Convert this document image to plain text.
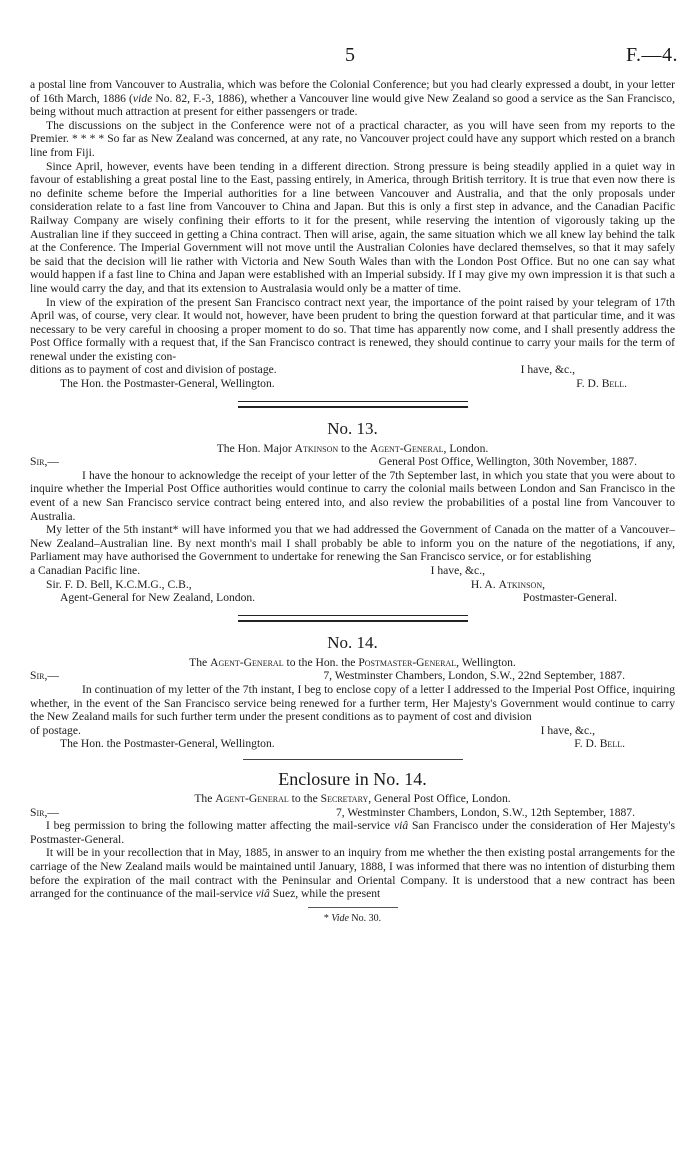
5	F.—4.

a postal line from Vancouver to Australia, which was before the Colonial Conference; but you had clearly expressed a doubt, in your letter of 16th March, 1886 (vide No. 82, F.-3, 1886), whether a Vancouver line would give New Zealand so good a service as the San Francisco, being without much attraction at present for either passengers or trade.

The discussions on the subject in the Conference were not of a practical character, as you will have seen from my reports to the Premier. * * * * So far as New Zealand was concerned, at any rate, no Vancouver project could have any support which rested on a branch line from Fiji.

Since April, however, events have been tending in a different direction. Strong pressure is being steadily applied in a quiet way in favour of establishing a great postal line to the East, passing entirely, in America, through British territory. It is true that even now there is no definite scheme before the Imperial authorities for a line between Vancouver and Australia, and that the only proposals under consideration relate to a fast line from Vancouver to China and Japan. But this is only a first step in advance, and the Canadian Pacific Railway Company are wisely confining their efforts to it for the present, while reserving the intention of vigorously taking up the Australian line if they succeed in getting a China contract. Then will arise, again, the same situation which we all knew lay behind the talk at the Conference. The Imperial Government will not move until the Australian Colonies have declared themselves, so that it may safely be said that the decision will lie rather with Victoria and New South Wales than with the London Post Office. But no one can say what would happen if a fast line to China and Japan were established with an Imperial subsidy. If I may give my own impression it is that such a line would carry the day, and that its extension to Australasia would only be a matter of time.

In view of the expiration of the present San Francisco contract next year, the importance of the point raised by your telegram of 17th April was, of course, very clear. It would not, however, have been prudent to bring the question forward at that particular time, and it was necessary to be very careful in choosing a proper moment to do so. That time has apparently now come, and I shall presently address the Post Office formally with a request that, if the San Francisco contract is renewed, they should continue to carry your mails for the term of renewal under the existing con-

ditions as to payment of cost and division of postage.	I have, &c.,
The Hon. the Postmaster-General, Wellington.	F. D. Bell.
No. 13.
The Hon. Major Atkinson to the Agent-General, London.
Sir,—	General Post Office, Wellington, 30th November, 1887.

I have the honour to acknowledge the receipt of your letter of the 7th September last, in which you state that you were about to inquire whether the Imperial Post Office authorities would continue to carry the colonial mails between London and San Francisco in the event of a new San Francisco service contract being entered into, and also review the probabilities of a postal line from Vancouver to Australia.

My letter of the 5th instant* will have informed you that we had addressed the Government of Canada on the matter of a Vancouver–New Zealand–Australian line. By next month's mail I shall probably be able to inform you on the nature of the negotiations, if any, Parliament may have authorised the Government to undertake for renewing the San Francisco service, or for establishing

a Canadian Pacific line.	I have, &c.,
Sir. F. D. Bell, K.C.M.G., C.B.,	H. A. Atkinson,
Agent-General for New Zealand, London.	Postmaster-General.
No. 14.
The Agent-General to the Hon. the Postmaster-General, Wellington.
Sir,—	7, Westminster Chambers, London, S.W., 22nd September, 1887.

In continuation of my letter of the 7th instant, I beg to enclose copy of a letter I addressed to the Imperial Post Office, inquiring whether, in the event of the San Francisco service being renewed for a further term, Her Majesty's Government would continue to carry the New Zealand mails for such further term under the present conditions as to payment of cost and division

of postage.	I have, &c.,
The Hon. the Postmaster-General, Wellington.	F. D. Bell.
Enclosure in No. 14.
The Agent-General to the Secretary, General Post Office, London.
Sir,—	7, Westminster Chambers, London, S.W., 12th September, 1887.

I beg permission to bring the following matter affecting the mail-service viâ San Francisco under the consideration of Her Majesty's Postmaster-General.

It will be in your recollection that in May, 1885, in answer to an inquiry from me whether the then existing postal arrangements for the carriage of the New Zealand mails would be maintained until January, 1888, I was informed that there was no intention of disturbing them before the expiration of the mail contract with the Peninsular and Oriental Company. It is understood that a new contract has been arranged for the continuance of the mail-service viâ Suez, while the present

* Vide No. 30.
